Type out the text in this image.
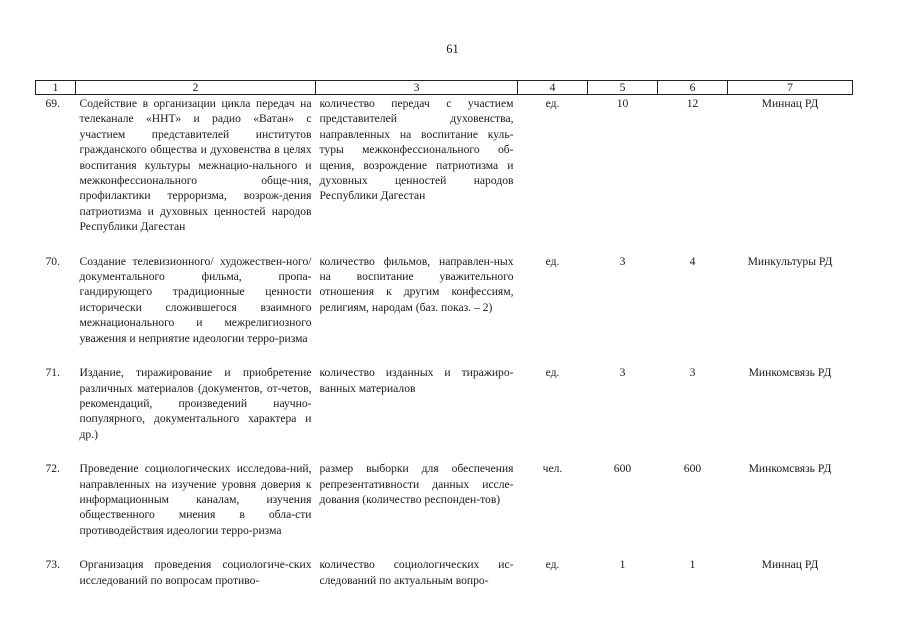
61
1	2	3	4	5	6	7
69.	Содействие в организации цикла передач на телеканале «ННТ» и радио «Ватан» с участием представителей институтов гражданского общества и духовенства в целях воспитания культуры межнацио-нального и межконфессионального обще-ния, профилактики терроризма, возрож-дения патриотизма и духовных ценностей народов Республики Дагестан	количество передач с участием представителей духовенства, направленных на воспитание куль-туры межконфессионального об-щения, возрождение патриотизма и духовных ценностей народов Республики Дагестан	ед.	10	12	Миннац РД

70.	Создание телевизионного/ художествен-ного/ документального фильма, пропа-гандирующего традиционные ценности исторически сложившегося взаимного межнационального и межрелигиозного уважения и неприятие идеологии терро-ризма	количество фильмов, направлен-ных на воспитание уважительного отношения к другим конфессиям, религиям, народам (баз. показ. – 2)	ед.	3	4	Минкультуры РД

71.	Издание, тиражирование и приобретение различных материалов (документов, от-четов, рекомендаций, произведений научно-популярного, документального характера и др.)	количество изданных и тиражиро-ванных материалов	ед.	3	3	Минкомсвязь РД

72.	Проведение социологических исследова-ний, направленных на изучение уровня доверия к информационным каналам, изучения общественного мнения в обла-сти противодействия идеологии терро-ризма	размер выборки для обеспечения репрезентативности данных иссле-дования (количество респонден-тов)	чел.	600	600	Минкомсвязь РД

73.	Организация проведения социологиче-ских исследований по вопросам противо-	количество социологических ис-следований по актуальным вопро-	ед.	1	1	Миннац РД
